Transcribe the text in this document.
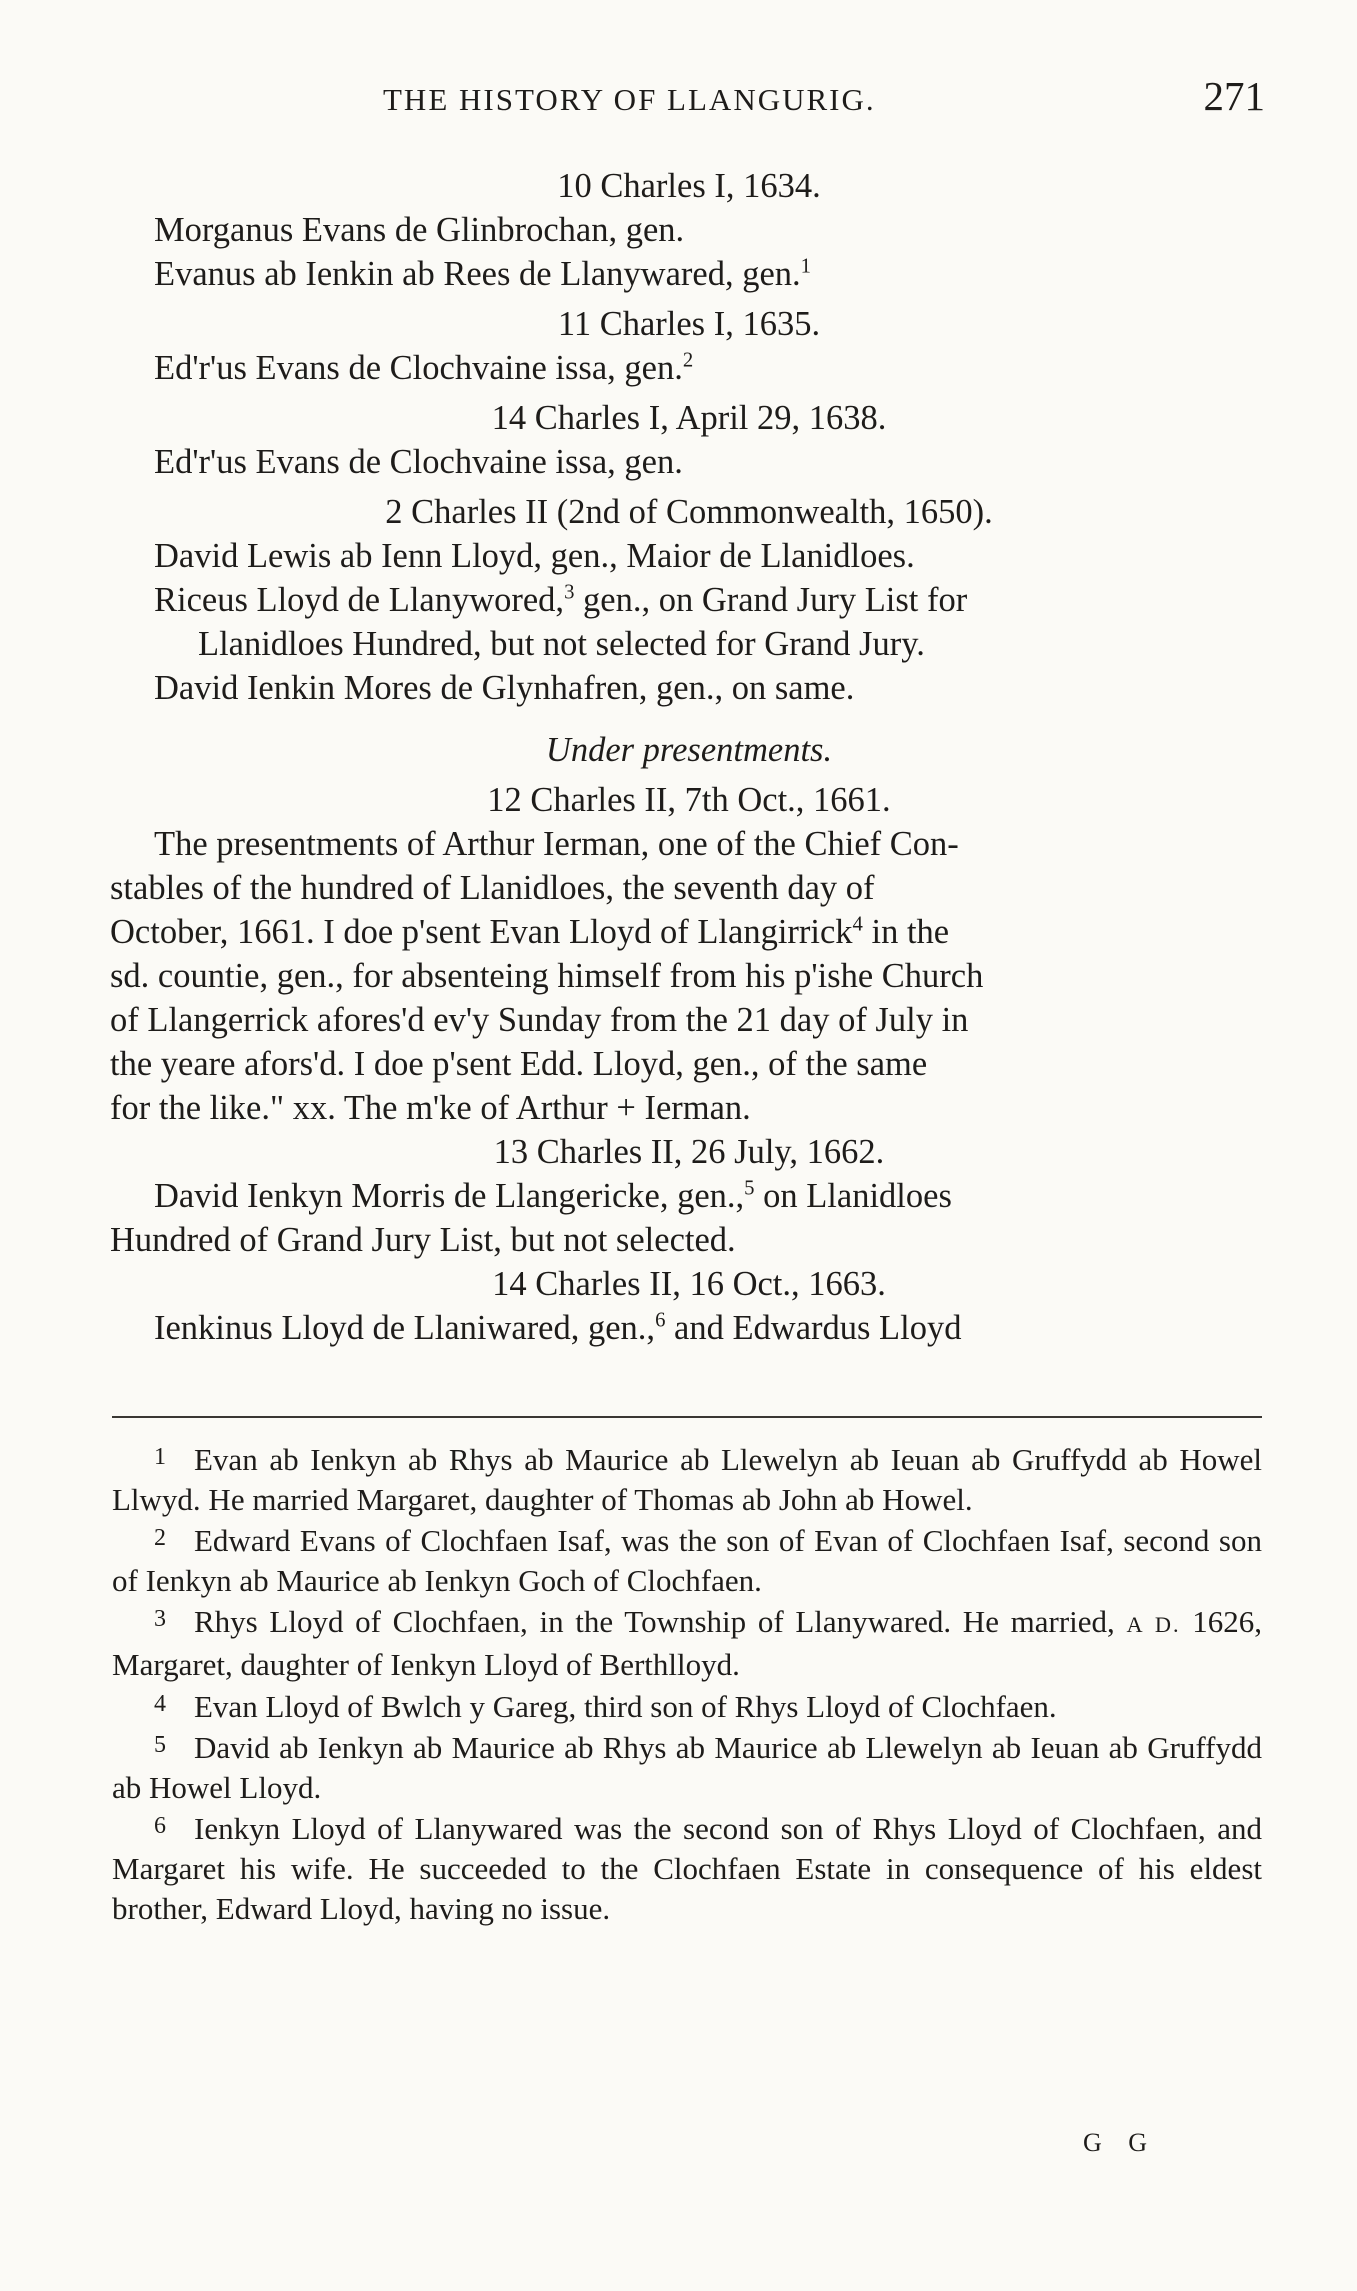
THE HISTORY OF LLANGURIG.	271
10 Charles I, 1634.
Morganus Evans de Glinbrochan, gen.
Evanus ab Ienkin ab Rees de Llanywared, gen.$^1$
11 Charles I, 1635.
Ed'r'us Evans de Clochvaine issa, gen.$^2$
14 Charles I, April 29, 1638.
Ed'r'us Evans de Clochvaine issa, gen.
2 Charles II (2nd of Commonwealth, 1650).
David Lewis ab Ienn Lloyd, gen., Maior de Llanidloes.
Riceus Lloyd de Llanywored,$^3$ gen., on Grand Jury List for
Llanidloes Hundred, but not selected for Grand Jury.
David Ienkin Mores de Glynhafren, gen., on same.
Under presentments.
12 Charles II, 7th Oct., 1661.
The presentments of Arthur Ierman, one of the Chief Con-
stables of the hundred of Llanidloes, the seventh day of
October, 1661. I doe p'sent Evan Lloyd of Llangirrick$^4$ in the
sd. countie, gen., for absenteing himself from his p'ishe Church
of Llangerrick afores'd ev'y Sunday from the 21 day of July in
the yeare afors'd. I doe p'sent Edd. Lloyd, gen., of the same
for the like." xx. The m'ke of Arthur + Ierman.
13 Charles II, 26 July, 1662.
David Ienkyn Morris de Llangericke, gen.,$^5$ on Llanidloes
Hundred of Grand Jury List, but not selected.
14 Charles II, 16 Oct., 1663.
Ienkinus Lloyd de Llaniwared, gen.,$^6$ and Edwardus Lloyd
1 Evan ab Ienkyn ab Rhys ab Maurice ab Llewelyn ab Ieuan ab Gruffydd ab Howel Llwyd. He married Margaret, daughter of Thomas ab John ab Howel.
2 Edward Evans of Clochfaen Isaf, was the son of Evan of Clochfaen Isaf, second son of Ienkyn ab Maurice ab Ienkyn Goch of Clochfaen.
3 Rhys Lloyd of Clochfaen, in the Township of Llanywared. He married, A D. 1626, Margaret, daughter of Ienkyn Lloyd of Berthlloyd.
4 Evan Lloyd of Bwlch y Gareg, third son of Rhys Lloyd of Clochfaen.
5 David ab Ienkyn ab Maurice ab Rhys ab Maurice ab Llewelyn ab Ieuan ab Gruffydd ab Howel Lloyd.
6 Ienkyn Lloyd of Llanywared was the second son of Rhys Lloyd of Clochfaen, and Margaret his wife. He succeeded to the Clochfaen Estate in consequence of his eldest brother, Edward Lloyd, having no issue.
G G
